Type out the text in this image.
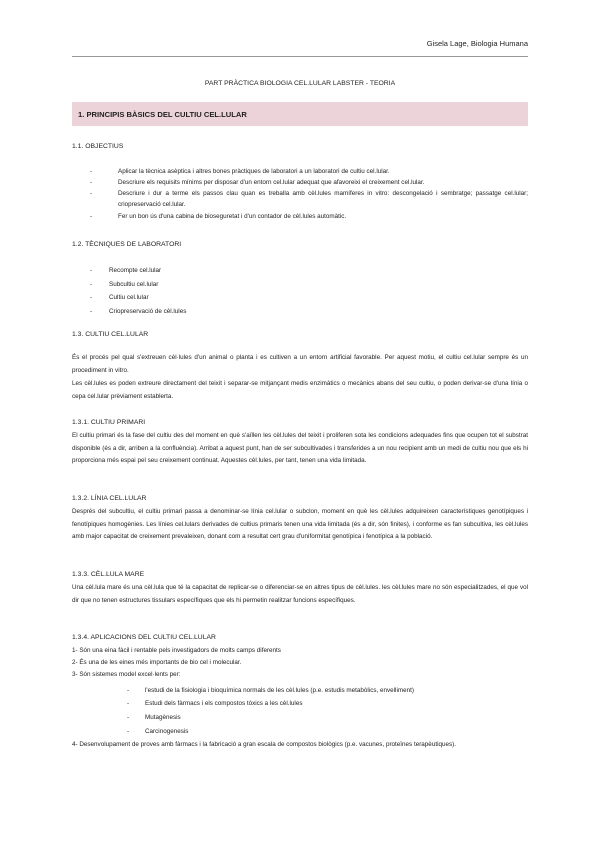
Gisela Lage, Biologia Humana
PART PRÀCTICA BIOLOGIA CEL.LULAR LABSTER - TEORIA
1. PRINCIPIS BÀSICS DEL CULTIU CEL.LULAR
1.1. OBJECTIUS
-	Aplicar la tècnica asèptica i altres bones pràctiques de laboratori a un laboratori de cultiu cel.lular.
-	Descriure els requisits mínims per disposar d'un entorn cel.lular adequat que afavoreixi el creixement cel.lular.
-	Descriure i dur a terme els passos clau quan es treballa amb cèl.lules mamíferes in vitro: descongelació i sembratge; passatge cel.lular; criopreservació cel.lular.
-	Fer un bon ús d'una cabina de bioseguretat i d'un contador de cèl.lules automàtic.
1.2. TÈCNIQUES DE LABORATORI
-	Recompte cel.lular
-	Subcultiu cel.lular
-	Cultiu cel.lular
-	Criopreservació de cèl.lules
1.3. CULTIU CEL.LULAR
És el procés pel qual s'extreuen cèl·lules d'un animal o planta i es cultiven a un entorn artificial favorable. Per aquest motiu, el cultiu cel.lular sempre és un procediment in vitro.
Les cèl.lules es poden extreure directament del teixit i separar-se mitjançant medis enzimàtics o mecànics abans del seu cultiu, o poden derivar-se d'una línia o cepa cel.lular prèviament establerta.
1.3.1. CULTIU PRIMARI
El cultiu primari és la fase del cultiu des del moment en què s'aïllen les cèl.lules del teixit i proliferen sota les condicions adequades fins que ocupen tot el substrat disponible (és a dir, arriben a la confluència). Arribat a aquest punt, han de ser subcultivades i transferides a un nou recipient amb un medi de cultiu nou que els hi proporciona més espai pel seu creixement continuat. Aquestes cèl.lules, per tant, tenen una vida limitada.
1.3.2. LÍNIA CEL.LULAR
Després del subcultiu, el cultiu primari passa a denominar-se línia cel.lular o subclon, moment en què les cèl.lules adquireixen característiques genotípiques i fenotípiques homogènies. Les línies cel.lulars derivades de cultius primaris tenen una vida limitada (és a dir, són finites), i conforme es fan subcultiva, les cèl.lules amb major capacitat de creixement prevaleixen, donant com a resultat cert grau d'uniformitat genotípica i fenotípica a la població.
1.3.3. CÈL.LULA MARE
Una cèl.lula mare és una cèl.lula que té la capacitat de replicar-se o diferenciar-se en altres tipus de cèl.lules. les cèl.lules mare no són especialitzades, el que vol dir que no tenen estructures tissulars específiques que els hi permetin realitzar funcions específiques.
1.3.4. APLICACIONS DEL CULTIU CEL.LULAR
1- Són una eina fàcil i rentable pels investigadors de molts camps diferents
2- És una de les eines més importants de bio cel i molecular.
3- Són sistemes model excel·lents per:
-	l'estudi de la fisiologia i bioquímica normals de les cèl.lules (p.e. estudis metabòlics, envelliment)
-	Estudi dels fàrmacs i els compostos tòxics a les cèl.lules
-	Mutagènesis
-	Carcinogenesis
4- Desenvolupament de proves amb fàrmacs i la fabricació a gran escala de compostos biològics (p.e. vacunes, proteïnes terapèutiques).
